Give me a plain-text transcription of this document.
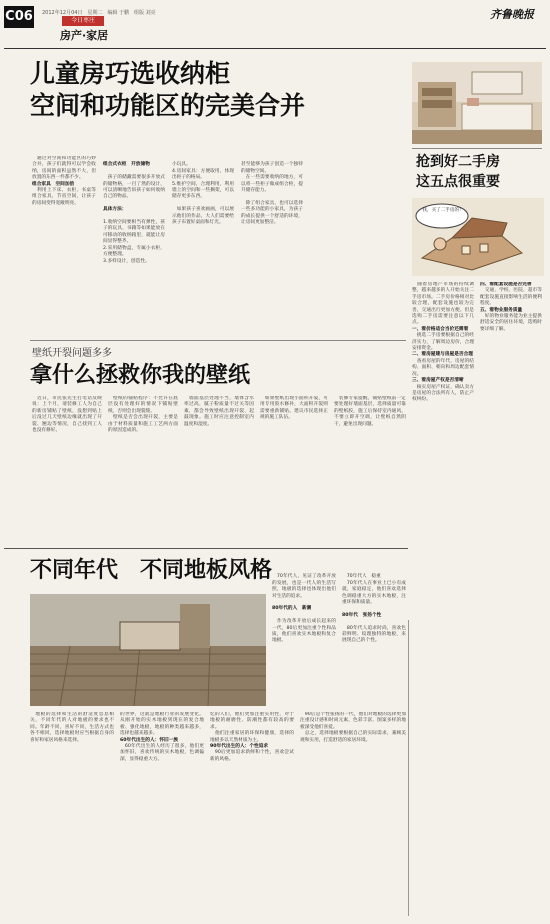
C06 2012年12月04日　星期二　编辑 于鹏　组版 刘亮
今日枣庄
房产·家居
齐鲁晚报
儿童房巧选收纳柜
空间和功能区的完美合并

　通过对空间和功能区的巧妙合并，孩子们就得可以学会收纳，房间的面积虽然不大，但放置的东西一件都不少。

组合家具　空间加倍

　利用上下床、衣柜、书桌等组合家具，节省空间，让孩子的房间变得宽敞明亮。

组合式衣柜　开放储物

　孩子的储藏需要很多开放式的储物格，一目了然的设计，可以清晰地告诉孩子如何收纳自己的物品。

具体方法：

1.收纳空间要相当有弹性，孩子的玩具、书籍等如果能放在可移动的收纳箱里，就能让房间显得整齐。
2.采用储物盒，专属小衣柜，方便整理。
3.多样设计，创造性。

小玩具。
4.房间家具：方便取用，体现出柜子的格局。
5.维护空间，合理利用，利用墙上的空间和一些搁架，可以储存更多东西。

　如果孩子喜欢画画，可以展示他们的作品，大人们需要给孩子布置好桌面和灯光。

甚至能够为孩子创造一个独特的储物空间。
　在一些需要收纳的地方，可以将一些柜子做成组合柜，提升储存能力。

　除了组合家具，也可以选择一些多功能的小家具，为孩子的成长提供一个舒适的环境，让房间更加整洁。

抢到好二手房
这五点很重要
我，买了二手房的！

　随着房地产市场的持续调整，越来越多的人开始关注二手房市场。二手房价格相对比较合理，配套设施也较为完善，交通出行更加方便。但是选购二手房需要注意以下几点。

一、看价格适合当价还需看

　挑选二手房要根据自己的经济实力，了解周边房价，合理安排资金。

二、看房屋建与房屋是否合理

　查看房屋的年代，房屋的结构、面积、朝向和周边配套情况。

三、看房屋产权是否清晰

　核实房屋产权证，确认卖方是房屋的合法所有人，防止产权纠纷。

四、看配套设施是否完善

　交通、学校、医院、超市等配套设施直接影响生活的便利程度。

五、看物业服务质量

　好的物业服务能为业主提供舒适安全的居住环境，选购时要详细了解。

壁纸开裂问题多多
拿什么拯救你我的壁纸

　近日，市民张先生打电话反映说：上个月，请装修工人为自己的新房铺贴了壁纸，没想到贴上后没过几天壁纸边缘就出现了开裂、翘边等情况，自己找到工人也没有修好。

　壁纸的铺贴程序：不允许在底层没有处理好的情况下铺贴壁纸，否则会出现裂缝。
　壁纸是否会出现开裂，主要是由于材料质量和施工工艺两方面的原因造成的。

　墙面基层处理不当，墙体含水率过高，腻子粉质量不过关等因素，都会导致壁纸出现开裂、起鼓现象。施工时应注意控制室内温度和湿度。

　如果壁纸出现小面积开裂，可用专用胶水修补，大面积开裂则需要重新铺贴。建议市民选择正规的施工队伍。

　装修专家提醒，铺贴壁纸前一定要处理好墙面基层，选择质量可靠的壁纸胶，施工后保持室内通风，不要立即开空调，让壁纸自然阴干，避免出现问题。

不同年代　不同地板风格 　70年代人，见证了改革开放的发展，也是一代人的生活写照，地板的选择也体现出他们对生活的追求。

80年代的人　新潮

　作为改革开放后成长起来的一代，80后更加注重个性和品质，他们喜欢实木地板和复合地板。

　70年代人　稳重
　70年代人在事业上已小有成就，家庭稳定，他们喜欢选择色调稳重大方的实木地板，注重环保和质量。

80年代　张扬个性

　80年代人追求时尚，喜欢色彩鲜明、纹理独特的地板，来展现自己的个性。

　地板的选择和生活的舒适度息息相关，不同年代的人对地板的要求也不同。年龄不同，喜好不同，生活方式也各不相同，选择地板时应当根据自身的喜好和家居风格来选择。

的世界，这就是地板行业的发展变化。从刚开始的实木地板到现在的复合地板、强化地板，地板的种类越来越多，选择也越来越多。

60年代出生的人：怀旧一族

　60年代出生的人经历了很多，他们更加怀旧，喜欢传统的实木地板，色调偏深，显得稳重大方。

忆的人们，他们更加注重实用性，对于地板的耐磨性、防潮性都有较高的要求。

　他们注重家居的环保和健康，选择的地板多以天然材质为主。

90年代出生的人：个性追求

　90后更加追求新鲜和个性，喜欢尝试新的风格。

　90后是个性张扬的一代，他们对地板的选择更加注重设计感和时尚元素，色彩丰富、图案多样的地板深受他们喜爱。
　总之，选择地板要根据自己的实际需求，兼顾美观和实用，打造舒适的家居环境。
